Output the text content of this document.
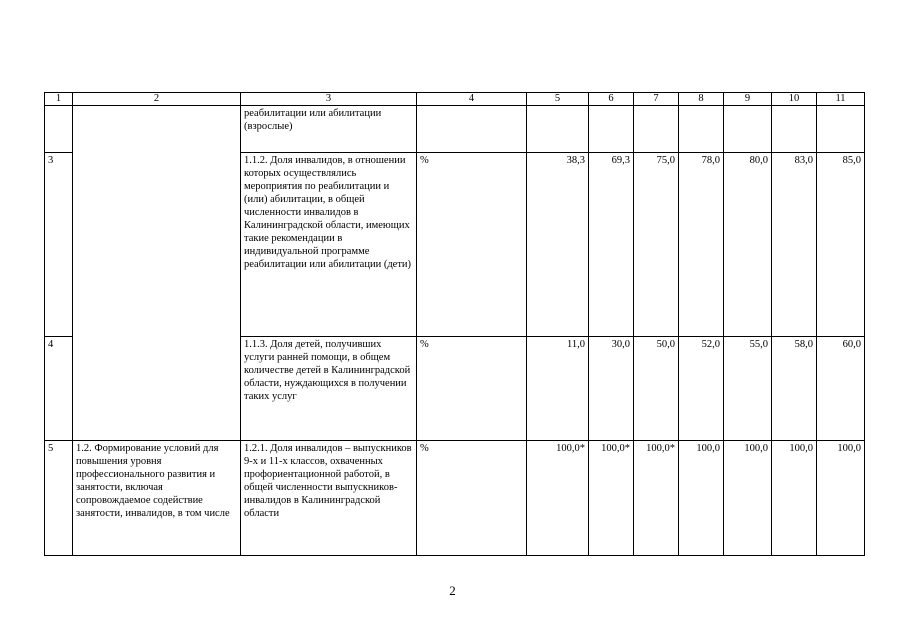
1	2	3	4	5	6	7	8	9	10	11
		реабилитации или абилитации (взрослые)								
3		1.1.2. Доля инвалидов, в отношении которых осуществлялись мероприятия по реабилитации и (или) абилитации, в общей численности инвалидов в Калининградской области, имеющих такие рекомендации в индивидуальной программе реабилитации или абилитации (дети)	%	38,3	69,3	75,0	78,0	80,0	83,0	85,0
4		1.1.3. Доля детей, получивших услуги ранней помощи, в общем количестве детей в Калининградской области, нуждающихся в получении таких услуг	%	11,0	30,0	50,0	52,0	55,0	58,0	60,0
5	1.2. Формирование условий для повышения уровня профессионального развития и занятости, включая сопровождаемое содействие занятости, инвалидов, в том числе	1.2.1. Доля инвалидов – выпускников 9-х и 11-х классов, охваченных профориентационной работой, в общей численности выпускников-инвалидов в Калининградской области	%	100,0*	100,0*	100,0*	100,0	100,0	100,0	100,0
2
